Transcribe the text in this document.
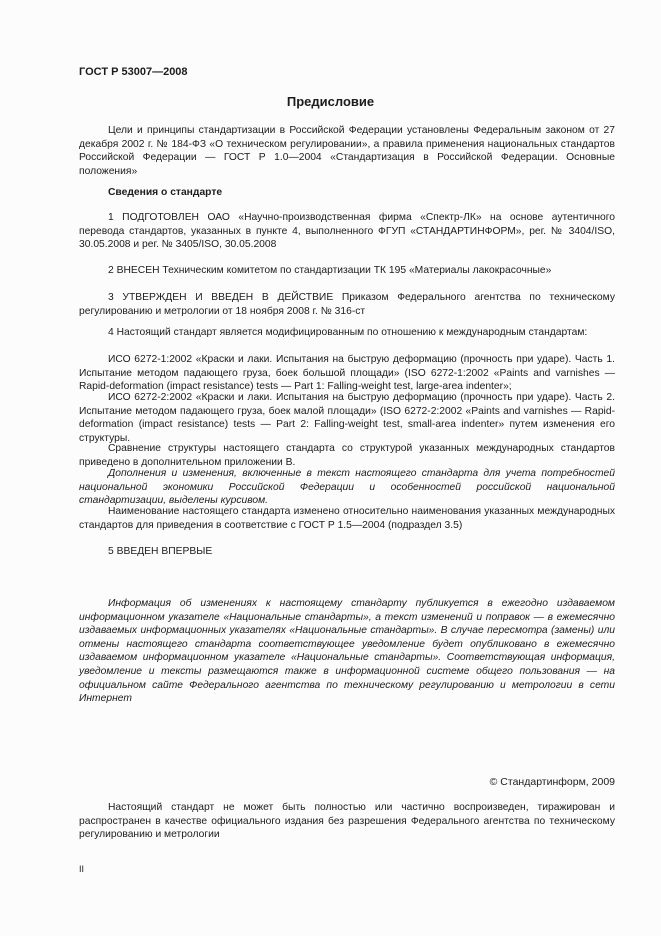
ГОСТ Р 53007—2008
Предисловие

Цели и принципы стандартизации в Российской Федерации установлены Федеральным законом от 27 декабря 2002 г. № 184-ФЗ «О техническом регулировании», а правила применения национальных стандартов Российской Федерации — ГОСТ Р 1.0—2004 «Стандартизация в Российской Федерации. Основные положения»

Сведения о стандарте

1 ПОДГОТОВЛЕН ОАО «Научно-производственная фирма «Спектр-ЛК» на основе аутентичного перевода стандартов, указанных в пункте 4, выполненного ФГУП «СТАНДАРТИНФОРМ», рег. № 3404/ISO, 30.05.2008 и рег. № 3405/ISO, 30.05.2008

2 ВНЕСЕН Техническим комитетом по стандартизации ТК 195 «Материалы лакокрасочные»

3 УТВЕРЖДЕН И ВВЕДЕН В ДЕЙСТВИЕ Приказом Федерального агентства по техническому регулированию и метрологии от 18 ноября 2008 г. № 316-ст

4 Настоящий стандарт является модифицированным по отношению к международным стандартам:

ИСО 6272-1:2002 «Краски и лаки. Испытания на быструю деформацию (прочность при ударе). Часть 1. Испытание методом падающего груза, боек большой площади» (ISO 6272-1:2002 «Paints and varnishes — Rapid-deformation (impact resistance) tests — Part 1: Falling-weight test, large-area indenter»;

ИСО 6272-2:2002 «Краски и лаки. Испытания на быструю деформацию (прочность при ударе). Часть 2. Испытание методом падающего груза, боек малой площади» (ISO 6272-2:2002 «Paints and varnishes — Rapid-deformation (impact resistance) tests — Part 2: Falling-weight test, small-area indenter» путем изменения его структуры.

Сравнение структуры настоящего стандарта со структурой указанных международных стандартов приведено в дополнительном приложении В.

Дополнения и изменения, включенные в текст настоящего стандарта для учета потребностей национальной экономики Российской Федерации и особенностей российской национальной стандартизации, выделены курсивом.

Наименование настоящего стандарта изменено относительно наименования указанных международных стандартов для приведения в соответствие с ГОСТ Р 1.5—2004 (подраздел 3.5)

5 ВВЕДЕН ВПЕРВЫЕ

Информация об изменениях к настоящему стандарту публикуется в ежегодно издаваемом информационном указателе «Национальные стандарты», а текст изменений и поправок — в ежемесячно издаваемых информационных указателях «Национальные стандарты». В случае пересмотра (замены) или отмены настоящего стандарта соответствующее уведомление будет опубликовано в ежемесячно издаваемом информационном указателе «Национальные стандарты». Соответствующая информация, уведомление и тексты размещаются также в информационной системе общего пользования — на официальном сайте Федерального агентства по техническому регулированию и метрологии в сети Интернет

© Стандартинформ, 2009

Настоящий стандарт не может быть полностью или частично воспроизведен, тиражирован и распространен в качестве официального издания без разрешения Федерального агентства по техническому регулированию и метрологии

II
